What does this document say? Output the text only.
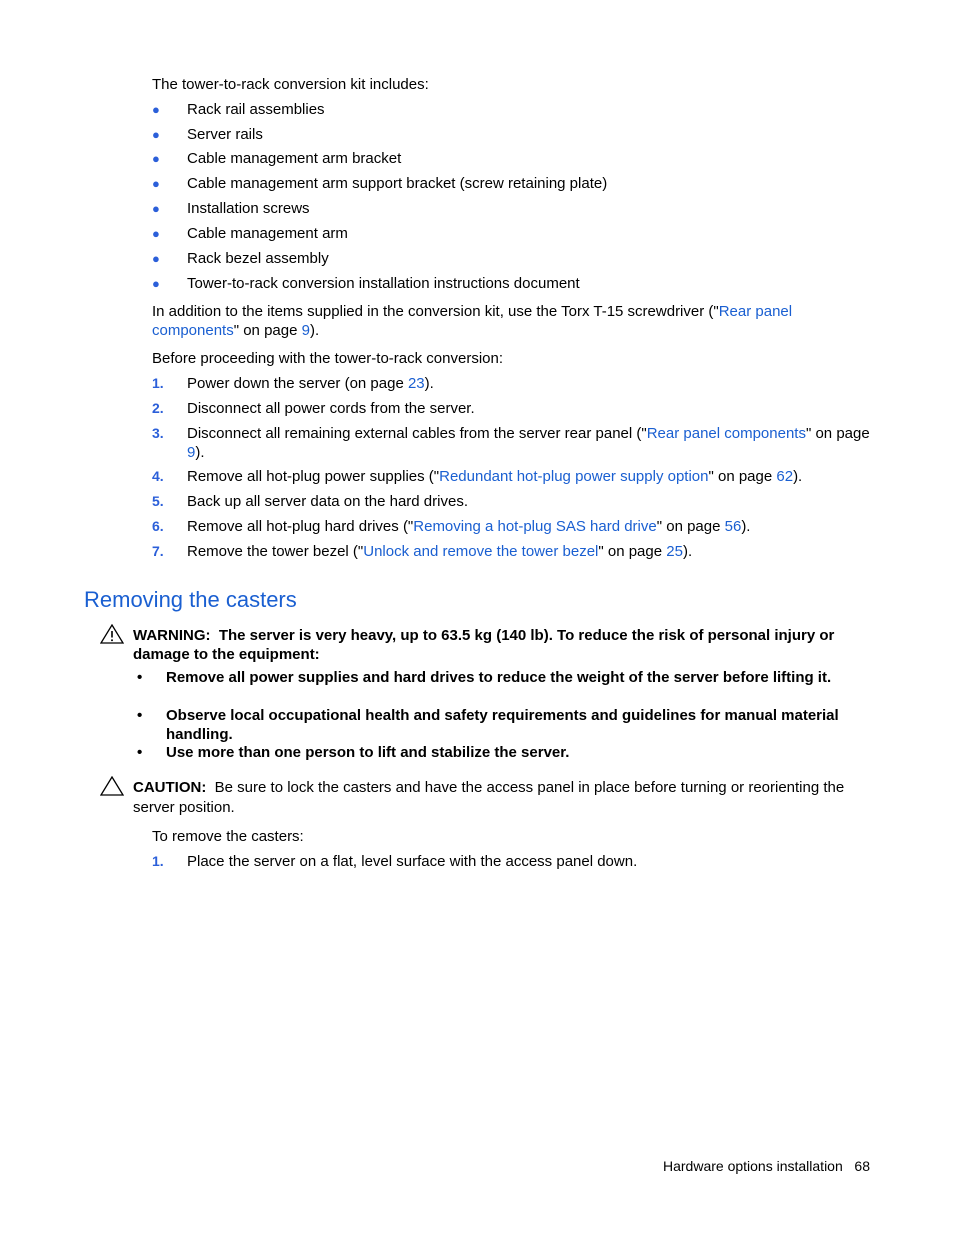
The tower-to-rack conversion kit includes:

● Rack rail assemblies
● Server rails
● Cable management arm bracket
● Cable management arm support bracket (screw retaining plate)
● Installation screws
● Cable management arm
● Rack bezel assembly
● Tower-to-rack conversion installation instructions document

In addition to the items supplied in the conversion kit, use the Torx T-15 screwdriver ("Rear panel components" on page 9).

Before proceeding with the tower-to-rack conversion:

1. Power down the server (on page 23).
2. Disconnect all power cords from the server.
3. Disconnect all remaining external cables from the server rear panel ("Rear panel components" on page 9).
4. Remove all hot-plug power supplies ("Redundant hot-plug power supply option" on page 62).
5. Back up all server data on the hard drives.
6. Remove all hot-plug hard drives ("Removing a hot-plug SAS hard drive" on page 56).
7. Remove the tower bezel ("Unlock and remove the tower bezel" on page 25).
Removing the casters
WARNING: The server is very heavy, up to 63.5 kg (140 lb). To reduce the risk of personal injury or damage to the equipment:
• Remove all power supplies and hard drives to reduce the weight of the server before lifting it.
• Observe local occupational health and safety requirements and guidelines for manual material handling.
• Use more than one person to lift and stabilize the server.
CAUTION: Be sure to lock the casters and have the access panel in place before turning or reorienting the server position.

To remove the casters:

1. Place the server on a flat, level surface with the access panel down.
Hardware options installation 68
